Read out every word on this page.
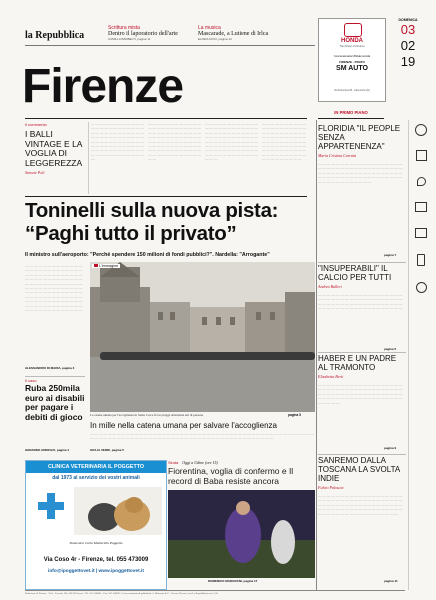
la Repubblica
Scrittura mista
Dentro il laporatorio dell'arte
CAMILLA BARBELTI, pagina 11
La musica
Mascarade, a Lutiene di Irlca
ELISRA DOCI, pagina 13
Firenze
HONDA
The Power of Dreams
Concessionaria Ufficiale Honda
FIRENZE - PRATO
SM AUTO
Via Fiorentina 65 - Calenzano (FI)
DOMENICA
03
02
19
IN PRIMO PIANO
Il commento
I BALLI VINTAGE E LA VOGLIA DI LEGGEREZZA
Simone Poli
— — — — — — — — — — — — — — — — — — — — — — — — — — — — — — — — — — — — — — — — — — — — — — — — — — — — — — — — — — — — — — — — — — — — — — — — — — — — — — — — — — — — — — — — — — — — — — — — —
— — — — — — — — — — — — — — — — — — — — — — — — — — — — — — — — — — — — — — — — — — — — — — — — — — — — — — — — — — — — — — — — — — — — — — — — — — — — — — — — — — — — — — — — — — — — — — — — — —
— — — — — — — — — — — — — — — — — — — — — — — — — — — — — — — — — — — — — — — — — — — — — — — — — — — — — — — — — — — — — — — — — — — — — — — — — — — — — — — — — — — — — — — — — — — — — — — — — — —
— — — — — — — — — — — — — — — — — — — — — — — — — — — — — — — — — — — — — — — — — — — — — — — — — — — — — — — — — — — — — — — — — — — — — — — — — — — — — — — — — — — — — — — — —
Toninelli sulla nuova pista:
“Paghi tutto il privato”
Il ministro sull'aeroporto: "Perché spendere 150 milioni di fondi pubblici?". Nardella: "Arrogante"
— — — — — — — — — — — — — — — — — — — — — — — — — — — — — — — — — — — — — — — — — — — — — — — — — — — — — — — — — — — — — — — — — — — — — — — — — — — — — — — — — — — — — — — — — — — — — — — — — — — — — — — — — — — — — — — — — — — — — — — — — — — — — — — — — — — — — — — — — — — — — — —
ALESSANDRO DI MARIA, pagina 3
L'immagine
La catena umana per l'accoglienza in Santa Croce fra le piogge abbondate ieri di persone	pagina 5
In mille nella catena umana per salvare l'accoglienza
— — — — — — — — — — — — — — — — — — — — — — — — — — — — — — — — — — — — — — — — — — — — — — — — — — — — — — — — — — — — — — — — — — — — — — — — — — — — — — — — — — — — — — — — — — —
GIULIA VERDI, pagina 5
Il caso
Ruba 250mila euro ai disabili per pagare i debiti di gioco
GERARDO ADINOLFI, pagina 4
CLINICA VETERINARIA IL POGGETTO
dal 1973 al servizio dei vostri animali
Domenico Carlo Monticello Poggetto
Via Coso 4r - Firenze, tel. 055 473009
info@ipoggettovet.it | www.ipoggettovet.it
Sinda Oggi a Udine (ore 15)
Fiorentina, voglia di confermo e Il record di Baba resiste ancora
DOMENICO MADGRANI, pagina 17
FLORIDIA "IL PEOPLE SENZA APPARTENENZA"
Maria Cristina Carratù
— — — — — — — — — — — — — — — — — — — — — — — — — — — — — — — — — — — — — — — — — — — — — — — — — — — — — — — — — — — — — — — — — — — — — — — — — — — — — — — — — — — — — — — —
pagina 7
"INSUPERABILI" IL CALCIO PER TUTTI
Andrea Bulleri
— — — — — — — — — — — — — — — — — — — — — — — — — — — — — — — — — — — — — — — — — — — — — — — — — — — — — — — — — — — — — — — — — — — — — — — — — — — —
pagina 5
HABER E UN PADRE AL TRAMONTO
Elisabetta Berti
— — — — — — — — — — — — — — — — — — — — — — — — — — — — — — — — — — — — — — — — — — — — — — — — — — — — — — — — — — — — — — — — — — — — — — — — — — — — — — — — —
pagina 9
SANREMO DALLA TOSCANA LA SVOLTA INDIE
Fulvio Paloscia
— — — — — — — — — — — — — — — — — — — — — — — — — — — — — — — — — — — — — — — — — — — — — — — — — — — — — — — — — — — — — — — — — — — — — — — — — — — — — — — — — — — — — — — — — — — — — —
pagina 11
Redazione di Firenze - Via L. Foscolo 160, 50124 Firenze - Tel. 055 506901 - Fax. 055 506930 - Concessionaria di pubblicità: A. Manzoni & C. - Prezzi: Firenze (con La Repubblica) euro 1,50
